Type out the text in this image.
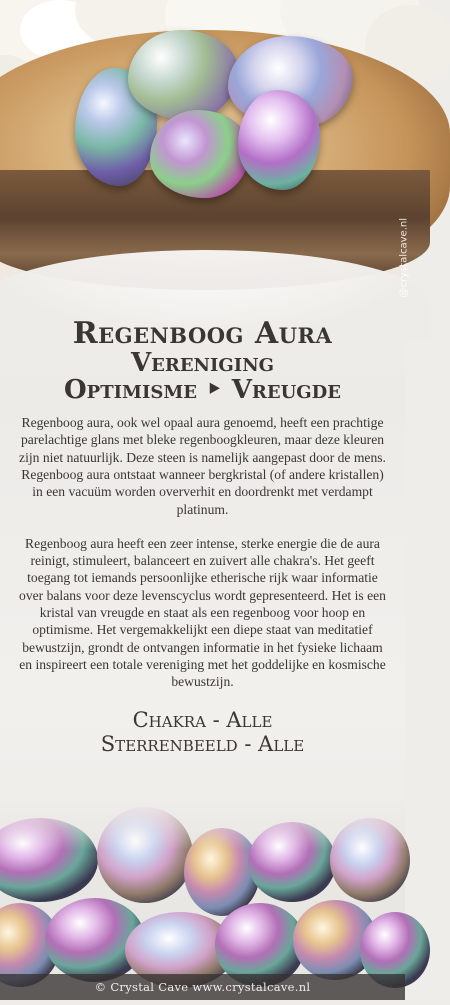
@crystalcave.nl
Regenboog Aura
Vereniging
Optimisme ‣ Vreugde

Regenboog aura, ook wel opaal aura genoemd, heeft een prachtige parelachtige glans met bleke regenboogkleuren, maar deze kleuren zijn niet natuurlijk. Deze steen is namelijk aangepast door de mens. Regenboog aura ontstaat wanneer bergkristal (of andere kristallen) in een vacuüm worden oververhit en doordrenkt met verdampt platinum.

Regenboog aura heeft een zeer intense, sterke energie die de aura reinigt, stimuleert, balanceert en zuivert alle chakra's. Het geeft toegang tot iemands persoonlijke etherische rijk waar informatie over balans voor deze levenscyclus wordt gepresenteerd. Het is een kristal van vreugde en staat als een regenboog voor hoop en optimisme. Het vergemakkelijkt een diepe staat van meditatief bewustzijn, grondt de ontvangen informatie in het fysieke lichaam en inspireert een totale vereniging met het goddelijke en kosmische bewustzijn.

Chakra - Alle
Sterrenbeeld - Alle
© Crystal Cave www.crystalcave.nl
